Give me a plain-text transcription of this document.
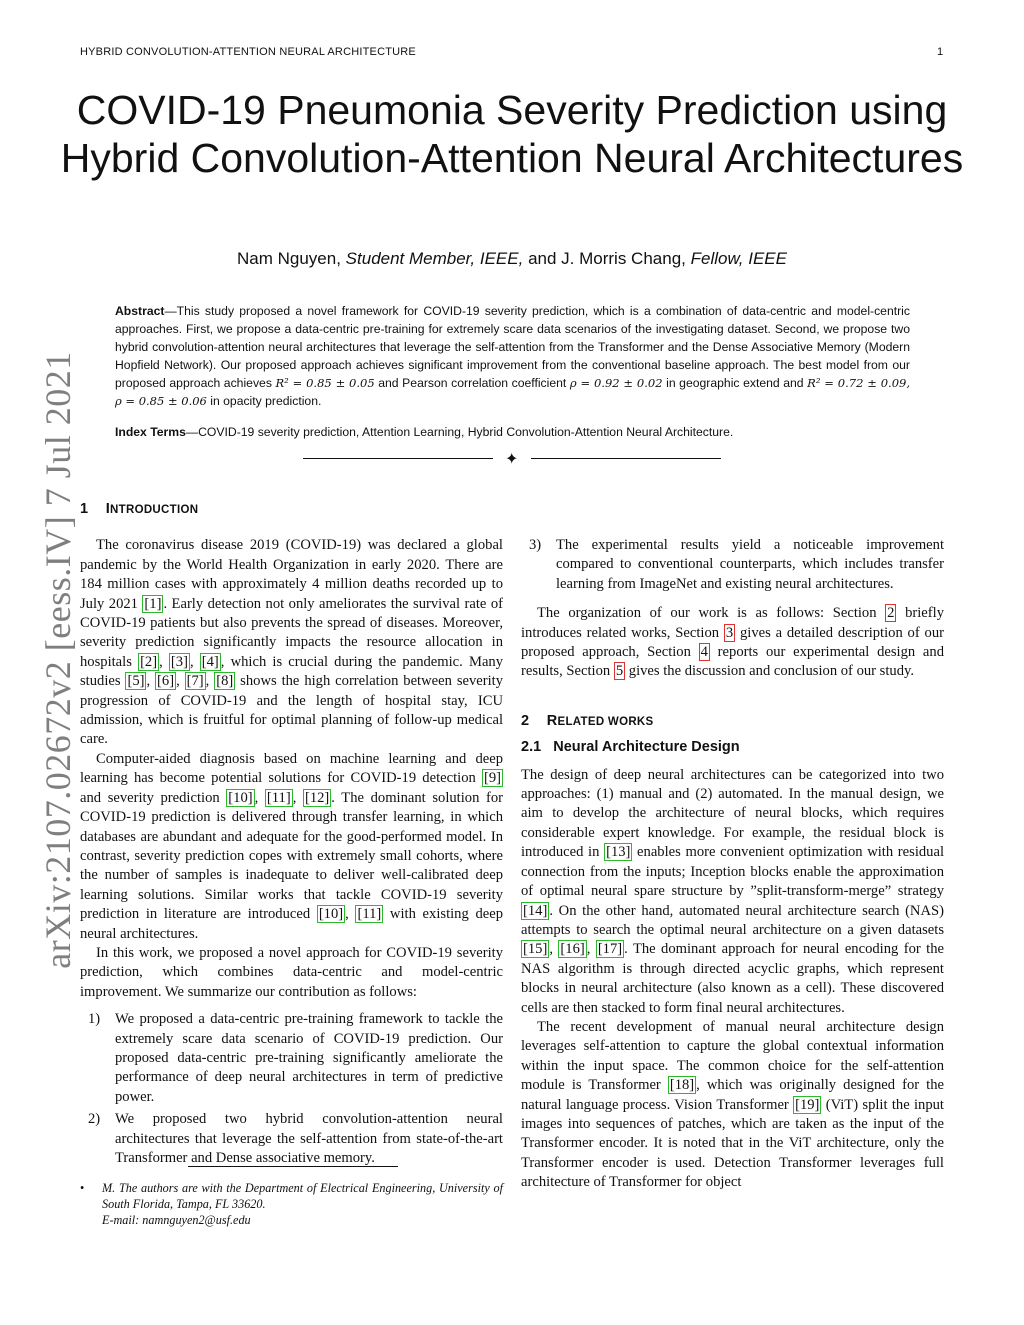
HYBRID CONVOLUTION-ATTENTION NEURAL ARCHITECTURE	1
COVID-19 Pneumonia Severity Prediction using Hybrid Convolution-Attention Neural Architectures
Nam Nguyen, Student Member, IEEE, and J. Morris Chang, Fellow, IEEE
Abstract—This study proposed a novel framework for COVID-19 severity prediction, which is a combination of data-centric and model-centric approaches. First, we propose a data-centric pre-training for extremely scare data scenarios of the investigating dataset. Second, we propose two hybrid convolution-attention neural architectures that leverage the self-attention from the Transformer and the Dense Associative Memory (Modern Hopfield Network). Our proposed approach achieves significant improvement from the conventional baseline approach. The best model from our proposed approach achieves R² = 0.85 ± 0.05 and Pearson correlation coefficient ρ = 0.92 ± 0.02 in geographic extend and R² = 0.72 ± 0.09, ρ = 0.85 ± 0.06 in opacity prediction.
Index Terms—COVID-19 severity prediction, Attention Learning, Hybrid Convolution-Attention Neural Architecture.
✦
arXiv:2107.02672v2 [eess.IV] 7 Jul 2021 1 INTRODUCTION

The coronavirus disease 2019 (COVID-19) was declared a global pandemic by the World Health Organization in early 2020. There are 184 million cases with approximately 4 million deaths recorded up to July 2021 [1] . Early detection not only ameliorates the survival rate of COVID-19 patients but also prevents the spread of diseases. Moreover, severity prediction significantly impacts the resource allocation in hospitals [2] , [3] , [4] , which is crucial during the pandemic. Many studies [5] , [6] , [7] , [8] shows the high correlation between severity progression of COVID-19 and the length of hospital stay, ICU admission, which is fruitful for optimal planning of follow-up medical care.

Computer-aided diagnosis based on machine learning and deep learning has become potential solutions for COVID-19 detection [9] and severity prediction [10] , [11] , [12] . The dominant solution for COVID-19 prediction is delivered through transfer learning, in which databases are abundant and adequate for the good-performed model. In contrast, severity prediction copes with extremely small cohorts, where the number of samples is inadequate to deliver well-calibrated deep learning solutions. Similar works that tackle COVID-19 severity prediction in literature are introduced [10] , [11] with existing deep neural architectures.

In this work, we proposed a novel approach for COVID-19 severity prediction, which combines data-centric and model-centric improvement. We summarize our contribution as follows:

1) We proposed a data-centric pre-training framework to tackle the extremely scare data scenario of COVID-19 prediction. Our proposed data-centric pre-training significantly ameliorate the performance of deep neural architectures in term of predictive power.
2) We proposed two hybrid convolution-attention neural architectures that leverage the self-attention from state-of-the-art Transformer and Dense associative memory.
• M. The authors are with the Department of Electrical Engineering, University of South Florida, Tampa, FL 33620.
E-mail: namnguyen2@usf.edu
3) The experimental results yield a noticeable improvement compared to conventional counterparts, which includes transfer learning from ImageNet and existing neural architectures.

The organization of our work is as follows: Section 2 briefly introduces related works, Section 3 gives a detailed description of our proposed approach, Section 4 reports our experimental design and results, Section 5 gives the discussion and conclusion of our study.

2 RELATED WORKS
2.1   Neural Architecture Design

The design of deep neural architectures can be categorized into two approaches: (1) manual and (2) automated. In the manual design, we aim to develop the architecture of neural blocks, which requires considerable expert knowledge. For example, the residual block is introduced in [13] enables more convenient optimization with residual connection from the inputs; Inception blocks enable the approximation of optimal neural spare structure by ”split-transform-merge” strategy [14] . On the other hand, automated neural architecture search (NAS) attempts to search the optimal neural architecture on a given datasets [15] , [16] , [17] . The dominant approach for neural encoding for the NAS algorithm is through directed acyclic graphs, which represent blocks in neural architecture (also known as a cell). These discovered cells are then stacked to form final neural architectures.

The recent development of manual neural architecture design leverages self-attention to capture the global contextual information within the input space. The common choice for the self-attention module is Transformer [18] , which was originally designed for the natural language process. Vision Transformer [19] (ViT) split the input images into sequences of patches, which are taken as the input of the Transformer encoder. It is noted that in the ViT architecture, only the Transformer encoder is used. Detection Transformer leverages full architecture of Transformer for object
